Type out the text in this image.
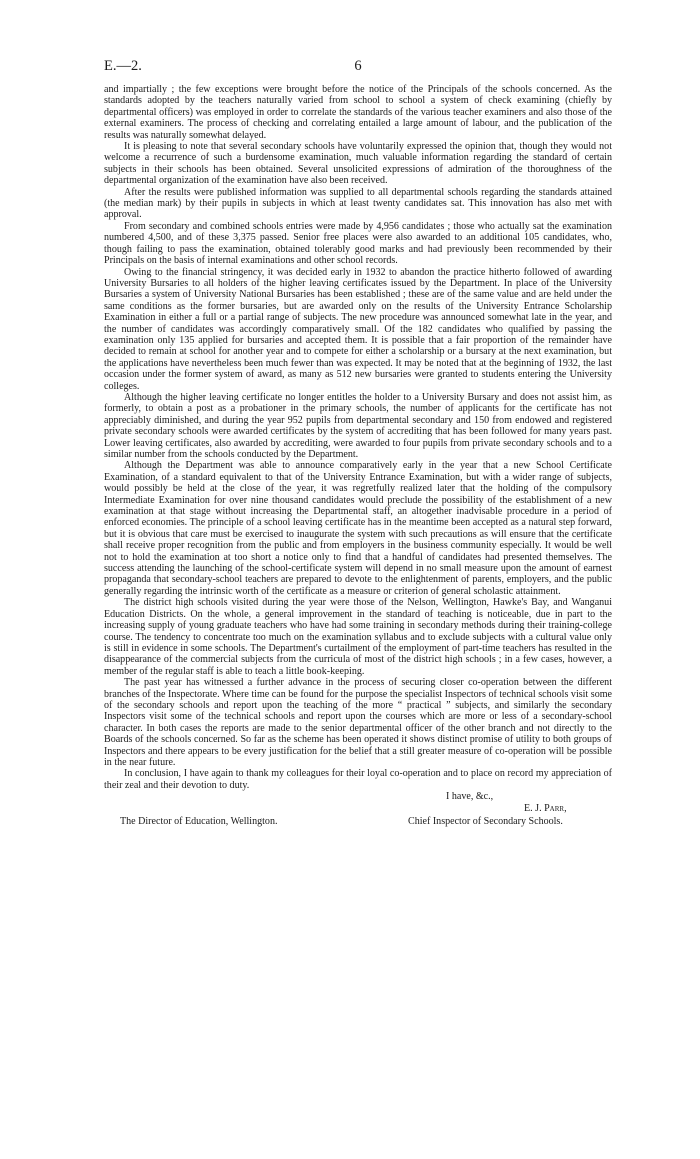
E.—2.	6

and impartially ; the few exceptions were brought before the notice of the Principals of the schools concerned. As the standards adopted by the teachers naturally varied from school to school a system of check examining (chiefly by departmental officers) was employed in order to correlate the standards of the various teacher examiners and also those of the external examiners. The process of checking and correlating entailed a large amount of labour, and the publication of the results was naturally somewhat delayed.

It is pleasing to note that several secondary schools have voluntarily expressed the opinion that, though they would not welcome a recurrence of such a burdensome examination, much valuable information regarding the standard of certain subjects in their schools has been obtained. Several unsolicited expressions of admiration of the thoroughness of the departmental organization of the examination have also been received.

After the results were published information was supplied to all departmental schools regarding the standards attained (the median mark) by their pupils in subjects in which at least twenty candidates sat. This innovation has also met with approval.

From secondary and combined schools entries were made by 4,956 candidates ; those who actually sat the examination numbered 4,500, and of these 3,375 passed. Senior free places were also awarded to an additional 105 candidates, who, though failing to pass the examination, obtained tolerably good marks and had previously been recommended by their Principals on the basis of internal examinations and other school records.

Owing to the financial stringency, it was decided early in 1932 to abandon the practice hitherto followed of awarding University Bursaries to all holders of the higher leaving certificates issued by the Department. In place of the University Bursaries a system of University National Bursaries has been established ; these are of the same value and are held under the same conditions as the former bursaries, but are awarded only on the results of the University Entrance Scholarship Examination in either a full or a partial range of subjects. The new procedure was announced somewhat late in the year, and the number of candidates was accordingly comparatively small. Of the 182 candidates who qualified by passing the examination only 135 applied for bursaries and accepted them. It is possible that a fair proportion of the remainder have decided to remain at school for another year and to compete for either a scholarship or a bursary at the next examination, but the applications have nevertheless been much fewer than was expected. It may be noted that at the beginning of 1932, the last occasion under the former system of award, as many as 512 new bursaries were granted to students entering the University colleges.

Although the higher leaving certificate no longer entitles the holder to a University Bursary and does not assist him, as formerly, to obtain a post as a probationer in the primary schools, the number of applicants for the certificate has not appreciably diminished, and during the year 952 pupils from departmental secondary and 150 from endowed and registered private secondary schools were awarded certificates by the system of accrediting that has been followed for many years past. Lower leaving certificates, also awarded by accrediting, were awarded to four pupils from private secondary schools and to a similar number from the schools conducted by the Department.

Although the Department was able to announce comparatively early in the year that a new School Certificate Examination, of a standard equivalent to that of the University Entrance Examination, but with a wider range of subjects, would possibly be held at the close of the year, it was regretfully realized later that the holding of the compulsory Intermediate Examination for over nine thousand candidates would preclude the possibility of the establishment of a new examination at that stage without increasing the Departmental staff, an altogether inadvisable procedure in a period of enforced economies. The principle of a school leaving certificate has in the meantime been accepted as a natural step forward, but it is obvious that care must be exercised to inaugurate the system with such precautions as will ensure that the certificate shall receive proper recognition from the public and from employers in the business community especially. It would be well not to hold the examination at too short a notice only to find that a handful of candidates had presented themselves. The success attending the launching of the school-certificate system will depend in no small measure upon the amount of earnest propaganda that secondary-school teachers are prepared to devote to the enlightenment of parents, employers, and the public generally regarding the intrinsic worth of the certificate as a measure or criterion of general scholastic attainment.

The district high schools visited during the year were those of the Nelson, Wellington, Hawke's Bay, and Wanganui Education Districts. On the whole, a general improvement in the standard of teaching is noticeable, due in part to the increasing supply of young graduate teachers who have had some training in secondary methods during their training-college course. The tendency to concentrate too much on the examination syllabus and to exclude subjects with a cultural value only is still in evidence in some schools. The Department's curtailment of the employment of part-time teachers has resulted in the disappearance of the commercial subjects from the curricula of most of the district high schools ; in a few cases, however, a member of the regular staff is able to teach a little book-keeping.

The past year has witnessed a further advance in the process of securing closer co-operation between the different branches of the Inspectorate. Where time can be found for the purpose the specialist Inspectors of technical schools visit some of the secondary schools and report upon the teaching of the more “ practical ” subjects, and similarly the secondary Inspectors visit some of the technical schools and report upon the courses which are more or less of a secondary-school character. In both cases the reports are made to the senior departmental officer of the other branch and not directly to the Boards of the schools concerned. So far as the scheme has been operated it shows distinct promise of utility to both groups of Inspectors and there appears to be every justification for the belief that a still greater measure of co-operation will be possible in the near future.

In conclusion, I have again to thank my colleagues for their loyal co-operation and to place on record my appreciation of their zeal and their devotion to duty.

I have, &c.,
E. J. Parr,
The Director of Education, Wellington.	Chief Inspector of Secondary Schools.
